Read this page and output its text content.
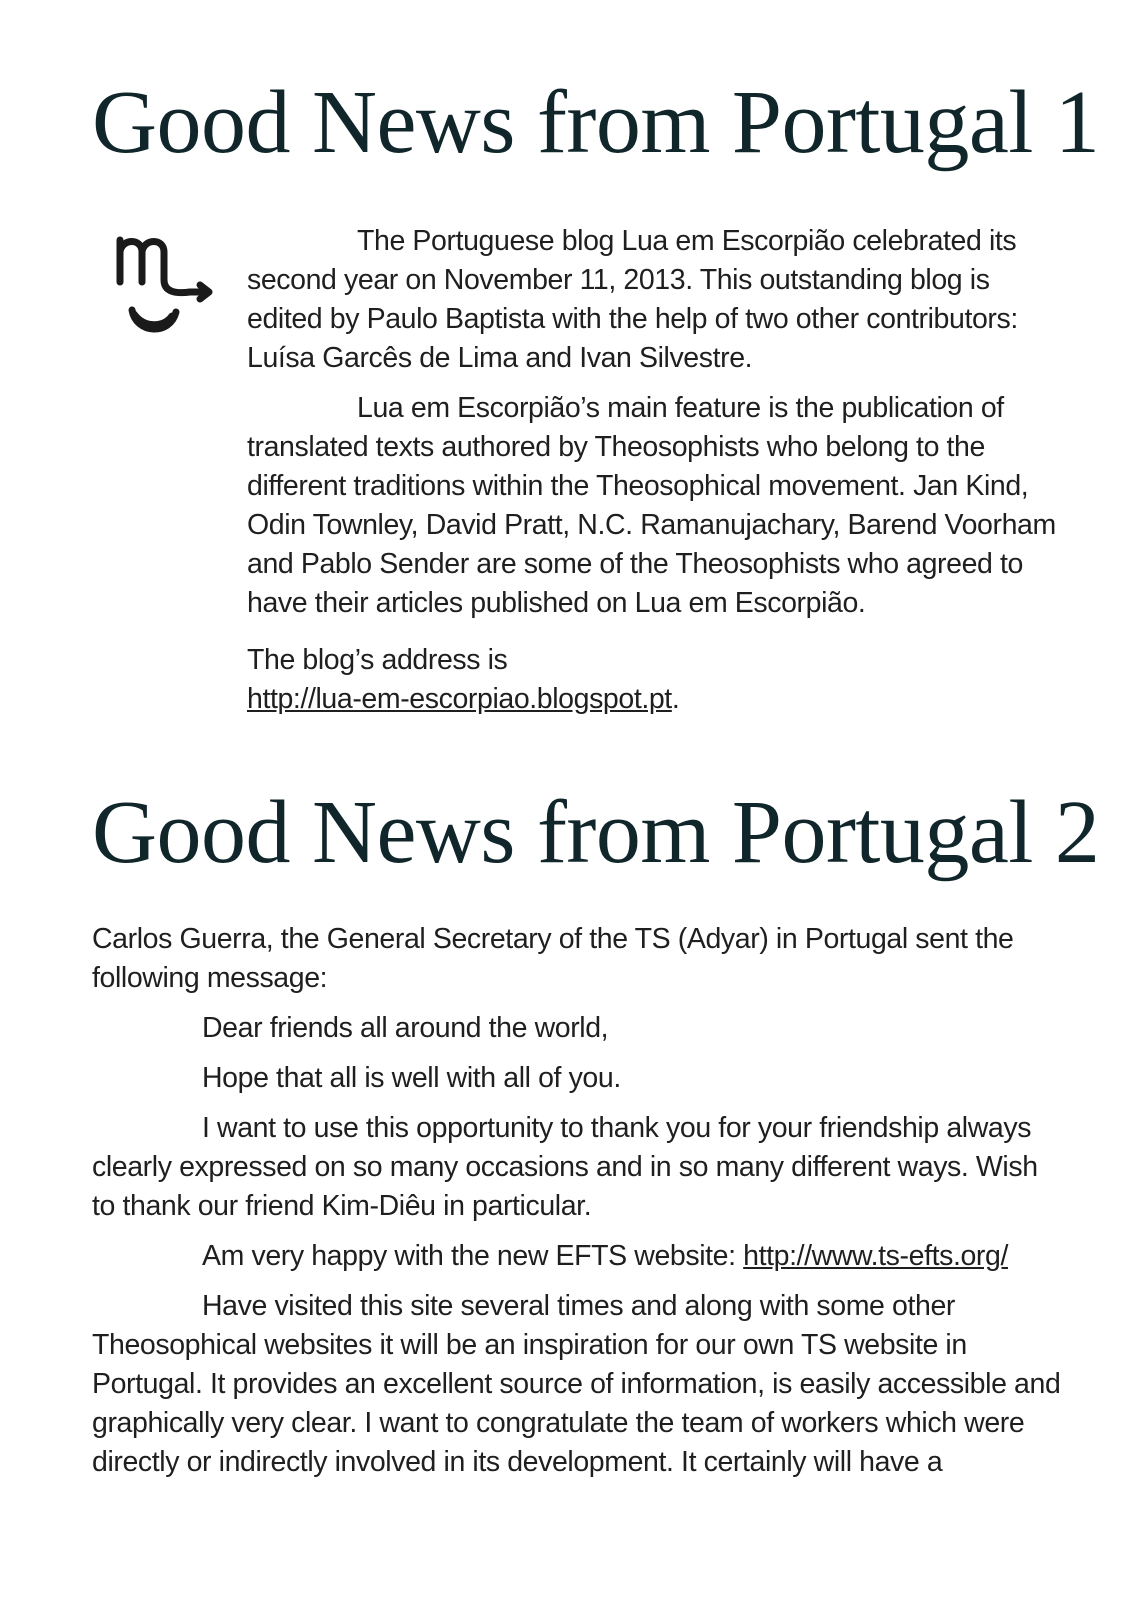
Good News from Portugal 1

The Portuguese blog Lua em Escorpião celebrated its second year on November 11, 2013. This outstanding blog is edited by Paulo Baptista with the help of two other contributors: Luísa Garcês de Lima and Ivan Silvestre.

Lua em Escorpião’s main feature is the publication of translated texts authored by Theosophists who belong to the different traditions within the Theosophical movement. Jan Kind, Odin Townley, David Pratt, N.C. Ramanujachary, Barend Voorham and Pablo Sender are some of the Theosophists who agreed to have their articles published on Lua em Escorpião.

The blog’s address is
http://lua-em-escorpiao.blogspot.pt.

Good News from Portugal 2

Carlos Guerra, the General Secretary of the TS (Adyar) in Portugal sent the following message:

Dear friends all around the world,

Hope that all is well with all of you.

I want to use this opportunity to thank you for your friendship always clearly expressed on so many occasions and in so many different ways. Wish to thank our friend Kim-Diêu in particular.

Am very happy with the new EFTS website: http://www.ts-efts.org/

Have visited this site several times and along with some other Theosophical websites it will be an inspiration for our own TS website in Portugal. It provides an excellent source of information, is easily accessible and graphically very clear. I want to congratulate the team of workers which were directly or indirectly involved in its development. It certainly will have a
